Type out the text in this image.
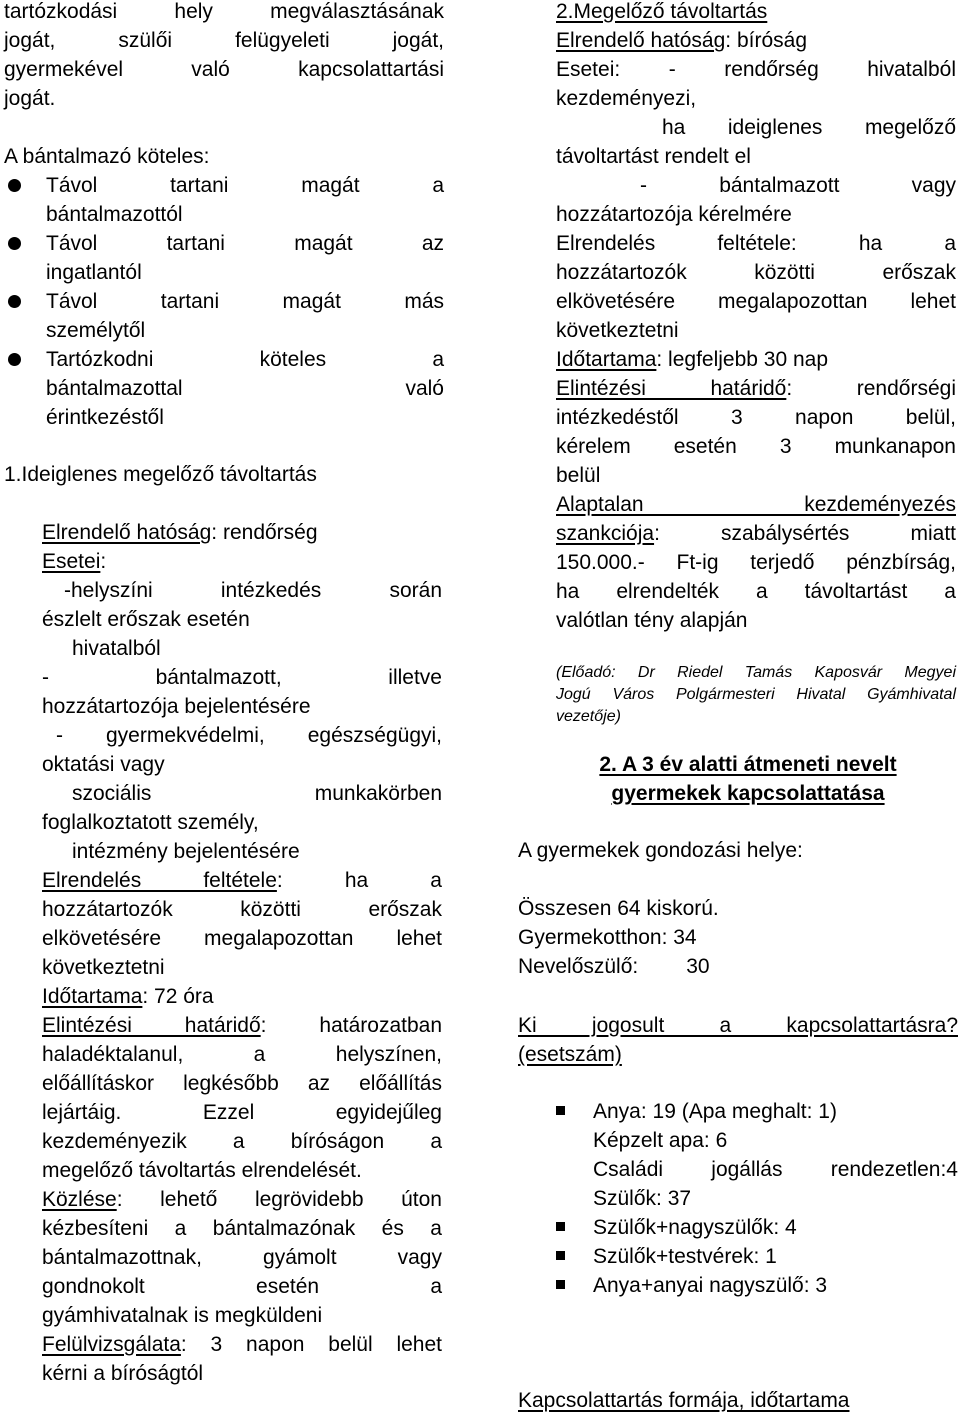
tartózkodási hely megválasztásának
jogát, szülői felügyeleti jogát,
gyermekével való kapcsolattartási
jogát.
A bántalmazó köteles:
Távol tartani magát a
bántalmazottól
Távol tartani magát az
ingatlantól
Távol tartani magát más
személytől
Tartózkodni köteles a
bántalmazottal való
érintkezéstől
1.Ideiglenes megelőző távoltartás
Elrendelő hatóság: rendőrség
Esetei:
-helyszíni intézkedés során
észlelt erőszak esetén
hivatalból
- bántalmazott, illetve
hozzátartozója bejelentésére
- gyermekvédelmi, egészségügyi,
oktatási vagy
szociális munkakörben
foglalkoztatott személy,
intézmény bejelentésére
Elrendelés feltétele: ha a
hozzátartozók közötti erőszak
elkövetésére megalapozottan lehet
következtetni
Időtartama: 72 óra
Elintézési határidő: határozatban
haladéktalanul, a helyszínen,
előállításkor legkésőbb az előállítás
lejártáig. Ezzel egyidejűleg
kezdeményezik a bíróságon a
megelőző távoltartás elrendelését.
Közlése: lehető legrövidebb úton
kézbesíteni a bántalmazónak és a
bántalmazottnak, gyámolt vagy
gondnokolt esetén a
gyámhivatalnak is megküldeni
Felülvizsgálata: 3 napon belül lehet
kérni a bíróságtól
2.Megelőző távoltartás
Elrendelő hatóság: bíróság
Esetei: - rendőrség hivatalból
kezdeményezi,
ha ideiglenes megelőző
távoltartást rendelt el
- bántalmazott vagy
hozzátartozója kérelmére
Elrendelés feltétele: ha a
hozzátartozók közötti erőszak
elkövetésére megalapozottan lehet
következtetni
Időtartama: legfeljebb 30 nap
Elintézési határidő: rendőrségi
intézkedéstől 3 napon belül,
kérelem esetén 3 munkanapon
belül
Alaptalan kezdeményezés
szankciója: szabálysértés miatt
150.000.- Ft-ig terjedő pénzbírság,
ha elrendelték a távoltartást a
valótlan tény alapján
(Előadó: Dr Riedel Tamás Kaposvár Megyei
Jogú Város Polgármesteri Hivatal Gyámhivatal
vezetője)
2. A 3 év alatti átmeneti nevelt
gyermekek kapcsolattatása
A gyermekek gondozási helye:
Összesen 64 kiskorú.
Gyermekotthon: 34
Nevelőszülő: 30
Ki jogosult a kapcsolattartásra?
(esetszám)
Anya: 19 (Apa meghalt: 1)
Képzelt apa: 6
Családi jogállás rendezetlen:4
Szülők: 37
Szülők+nagyszülők: 4
Szülők+testvérek: 1
Anya+anyai nagyszülő: 3
Kapcsolattartás formája, időtartama
